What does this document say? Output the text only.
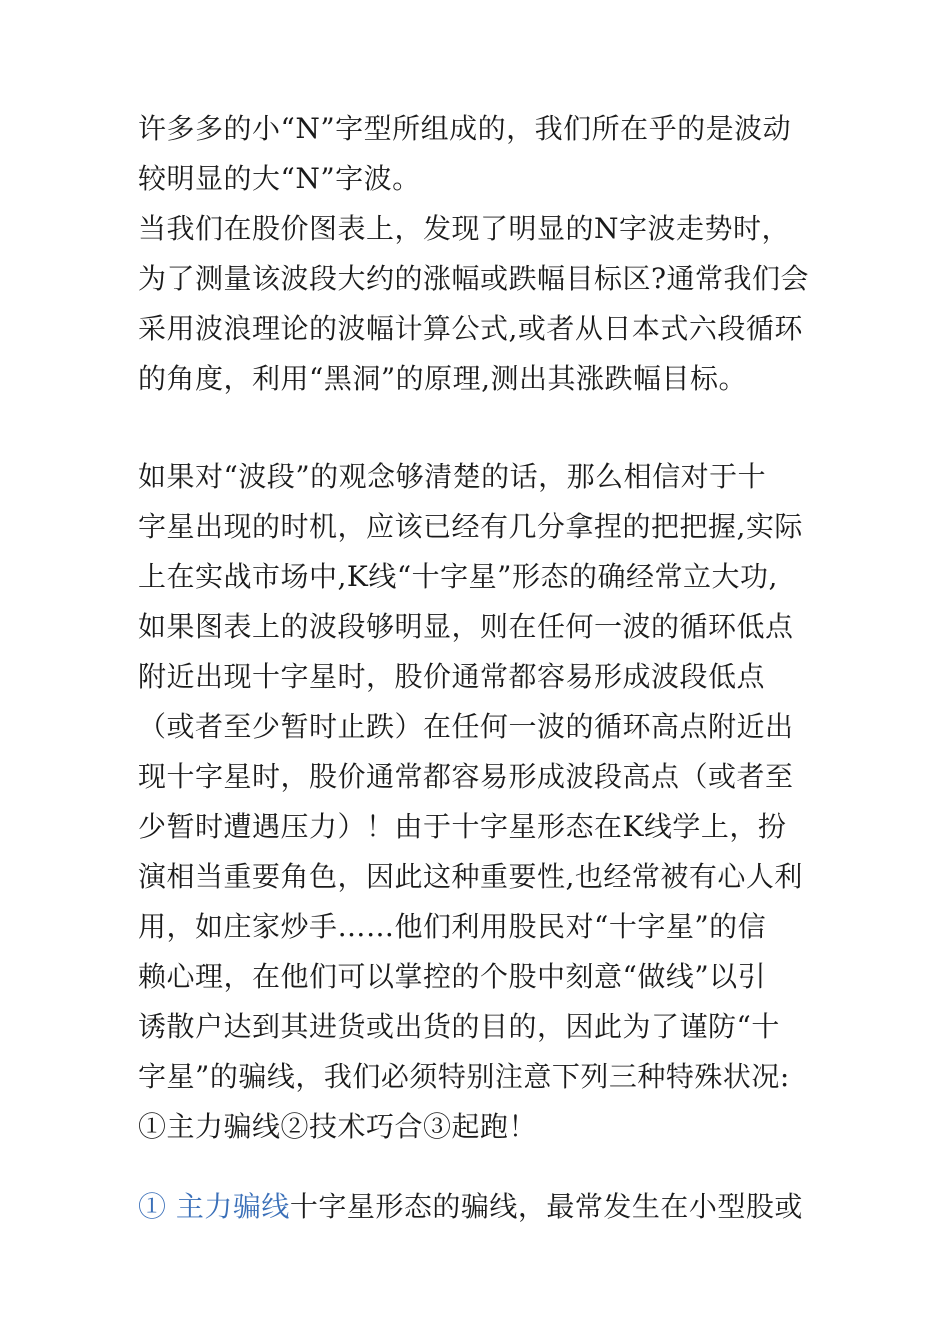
许多多的小“N”字型所组成的，我们所在乎的是波动
较明显的大“N”字波。
当我们在股价图表上，发现了明显的N字波走势时，
为了测量该波段大约的涨幅或跌幅目标区?通常我们会
采用波浪理论的波幅计算公式,或者从日本式六段循环
的角度，利用“黑洞”的原理,测出其涨跌幅目标。
如果对“波段”的观念够清楚的话，那么相信对于十
字星出现的时机，应该已经有几分拿捏的把把握,实际
上在实战市场中,K线“十字星”形态的确经常立大功,
如果图表上的波段够明显，则在任何一波的循环低点
附近出现十字星时，股价通常都容易形成波段低点
（或者至少暂时止跌）在任何一波的循环高点附近出
现十字星时，股价通常都容易形成波段高点（或者至
少暂时遭遇压力）！由于十字星形态在K线学上，扮
演相当重要角色，因此这种重要性,也经常被有心人利
用，如庄家炒手……他们利用股民对“十字星”的信
赖心理，在他们可以掌控的个股中刻意“做线”以引
诱散户达到其进货或出货的目的，因此为了谨防“十
字星”的骗线，我们必须特别注意下列三种特殊状况:
①主力骗线②技术巧合③起跑！
① 主力骗线十字星形态的骗线，最常发生在小型股或
